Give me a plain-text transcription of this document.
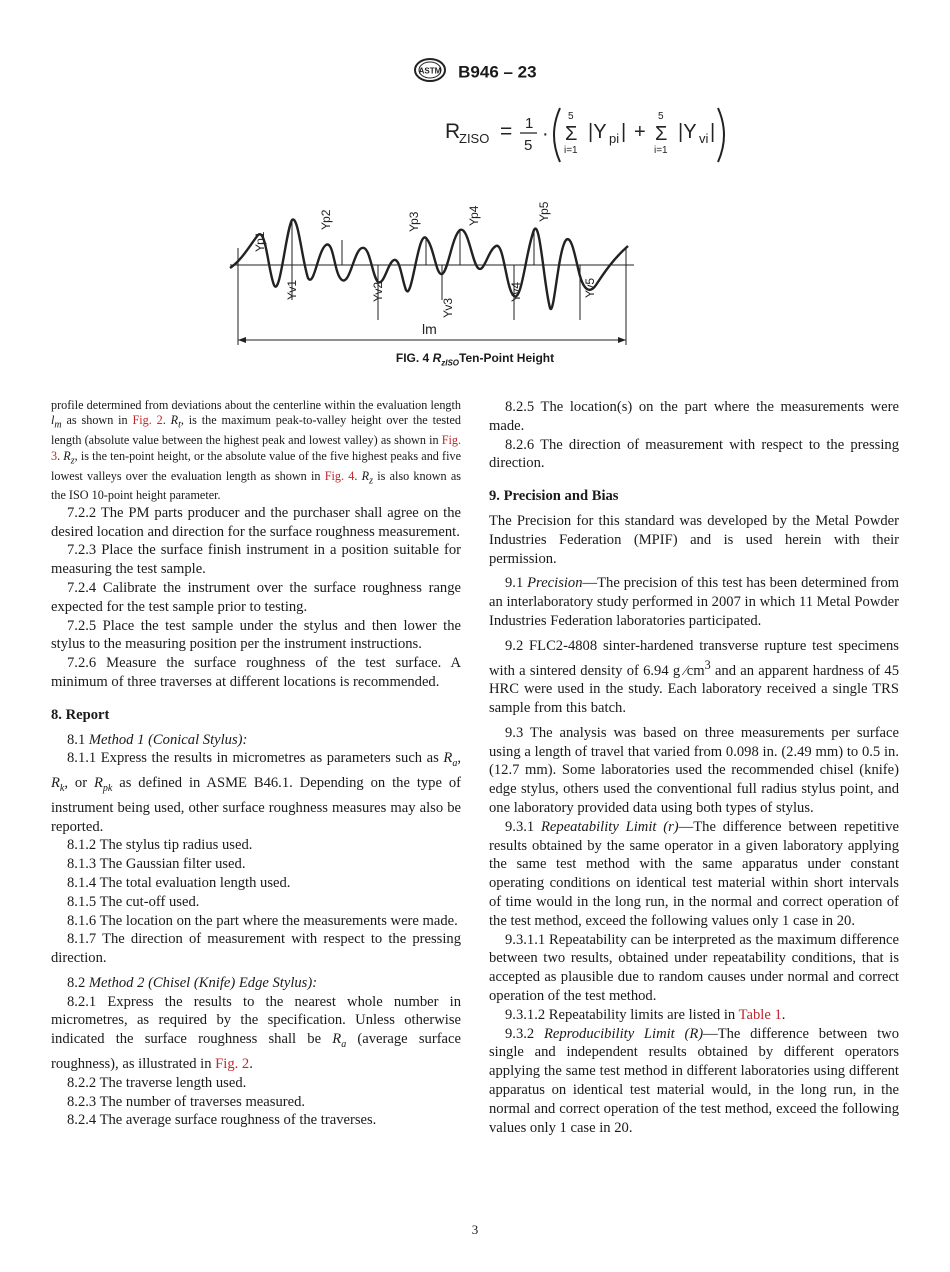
ASTM B946 – 23
R
ZISO = 1
5
·
5
Σ
i=1
|Y pi | +
5
Σ
i=1
|Y vi |
Yp1
Yp2	Yp3	Yp4	Yp5
Yv1	Yv2
Yv3
Yv4	Yv5
lm
FIG. 4 $R_{zISO}Ten$-Point Height

profile determined from deviations about the centerline within the evaluation length $l_m$ as shown in Fig. 2. $R_t$, is the maximum peak-to-valley height over the tested length (absolute value between the highest peak and lowest valley) as shown in Fig. 3. $R_z$, is the ten-point height, or the absolute value of the five highest peaks and five lowest valleys over the evaluation length as shown in Fig. 4. $R_z$ is also known as the ISO 10-point height parameter.

7.2.2 The PM parts producer and the purchaser shall agree on the desired location and direction for the surface roughness measurement.

7.2.3 Place the surface finish instrument in a position suitable for measuring the test sample.

7.2.4 Calibrate the instrument over the surface roughness range expected for the test sample prior to testing.

7.2.5 Place the test sample under the stylus and then lower the stylus to the measuring position per the instrument instructions.

7.2.6 Measure the surface roughness of the test surface. A minimum of three traverses at different locations is recommended.

8. Report

8.1 Method 1 (Conical Stylus):

8.1.1 Express the results in micrometres as parameters such as $R_a$, $R_k$, or $R_{pk}$ as defined in ASME B46.1. Depending on the type of instrument being used, other surface roughness measures may also be reported.

8.1.2 The stylus tip radius used.

8.1.3 The Gaussian filter used.

8.1.4 The total evaluation length used.

8.1.5 The cut-off used.

8.1.6 The location on the part where the measurements were made.

8.1.7 The direction of measurement with respect to the pressing direction.

8.2 Method 2 (Chisel (Knife) Edge Stylus):

8.2.1 Express the results to the nearest whole number in micrometres, as required by the specification. Unless otherwise indicated the surface roughness shall be $R_a$ (average surface roughness), as illustrated in Fig. 2.

8.2.2 The traverse length used.

8.2.3 The number of traverses measured.

8.2.4 The average surface roughness of the traverses.

8.2.5 The location(s) on the part where the measurements were made.

8.2.6 The direction of measurement with respect to the pressing direction.

9. Precision and Bias

The Precision for this standard was developed by the Metal Powder Industries Federation (MPIF) and is used herein with their permission.

9.1 Precision—The precision of this test has been determined from an interlaboratory study performed in 2007 in which 11 Metal Powder Industries Federation laboratories participated.

9.2 FLC2-4808 sinter-hardened transverse rupture test specimens with a sintered density of 6.94 g $⁄cm^3$ and an apparent hardness of 45 HRC were used in the study. Each laboratory received a single TRS sample from this batch.

9.3 The analysis was based on three measurements per surface using a length of travel that varied from 0.098 in. (2.49 mm) to 0.5 in. (12.7 mm). Some laboratories used the recommended chisel (knife) edge stylus, others used the conventional full radius stylus point, and one laboratory provided data using both types of stylus.

9.3.1 Repeatability Limit (r)—The difference between repetitive results obtained by the same operator in a given laboratory applying the same test method with the same apparatus under constant operating conditions on identical test material within short intervals of time would in the long run, in the normal and correct operation of the test method, exceed the following values only 1 case in 20.

9.3.1.1 Repeatability can be interpreted as the maximum difference between two results, obtained under repeatability conditions, that is accepted as plausible due to random causes under normal and correct operation of the test method.

9.3.1.2 Repeatability limits are listed in Table 1.

9.3.2 Reproducibility Limit (R)—The difference between two single and independent results obtained by different operators applying the same test method in different laboratories using different apparatus on identical test material would, in the long run, in the normal and correct operation of the test method, exceed the following values only 1 case in 20.

3
